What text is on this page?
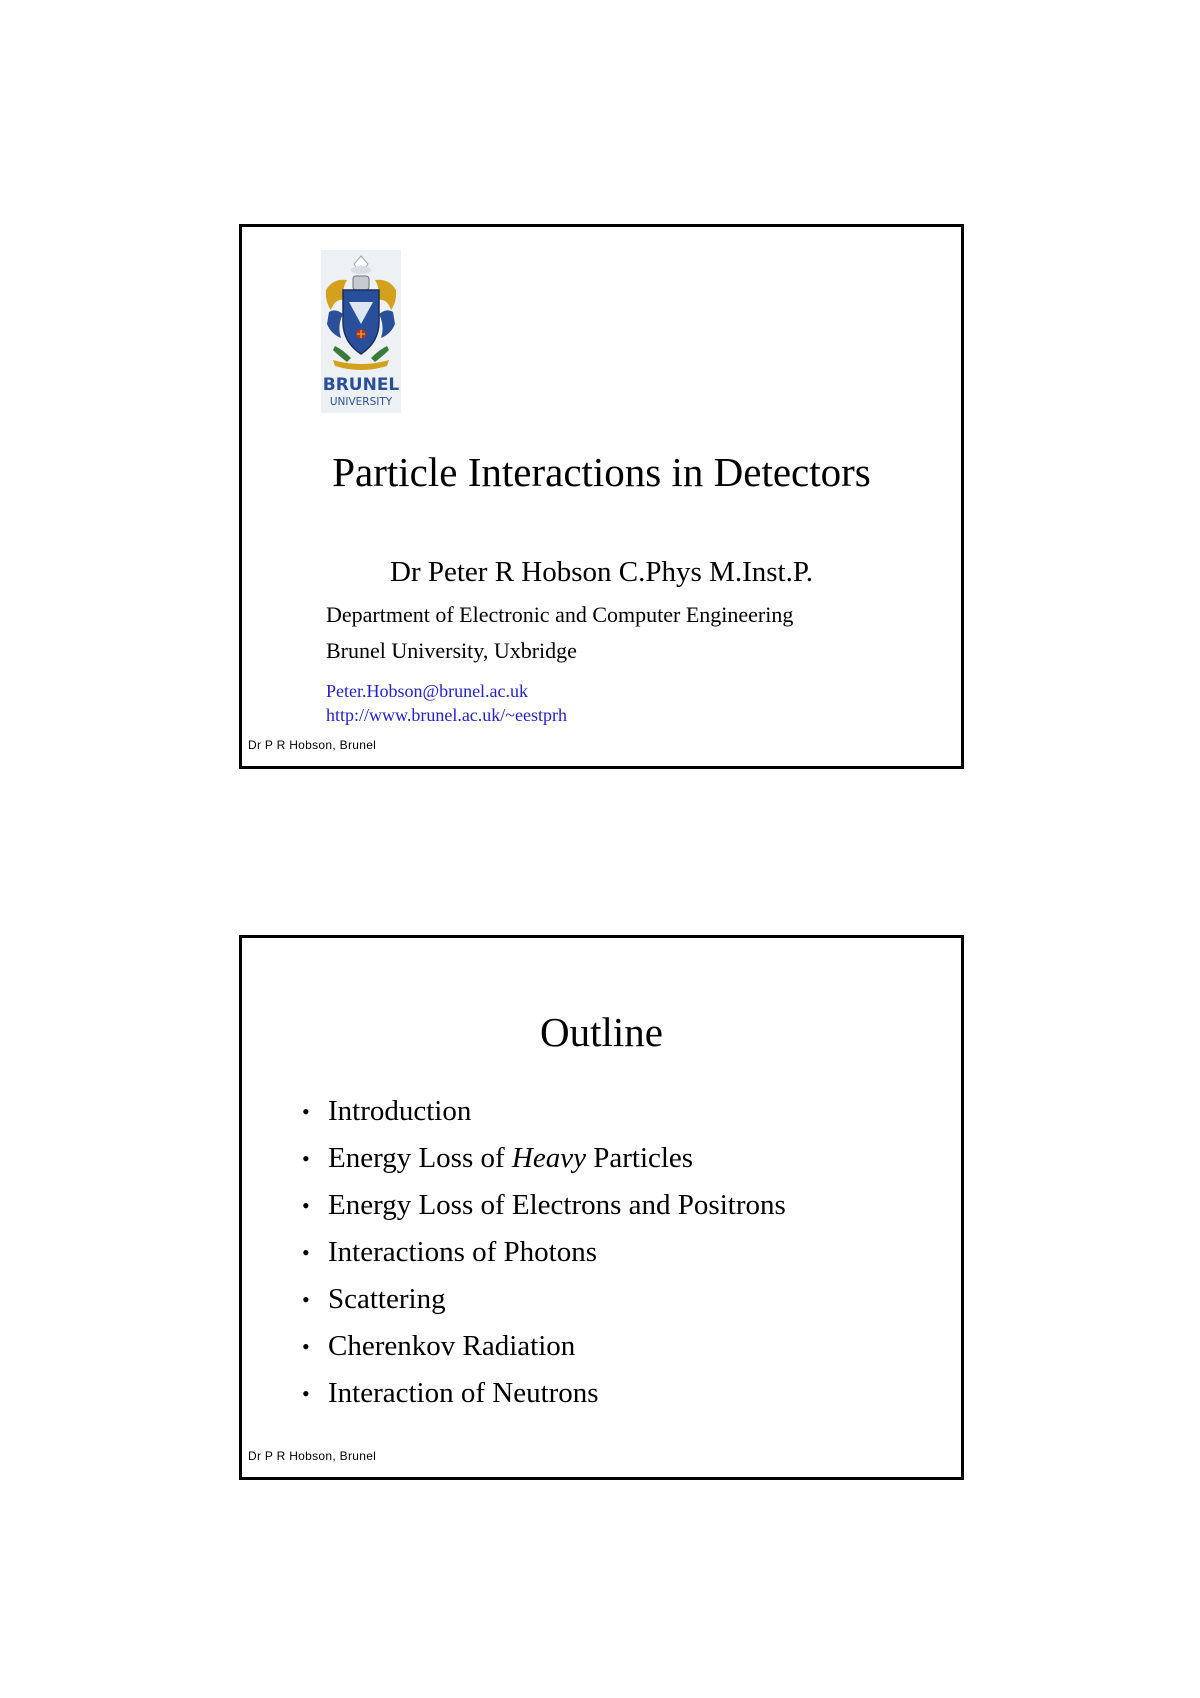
BRUNEL
UNIVERSITY
Particle Interactions in Detectors
Dr Peter R Hobson C.Phys M.Inst.P.
Department of Electronic and Computer Engineering
Brunel University, Uxbridge
Peter.Hobson@brunel.ac.uk
http://www.brunel.ac.uk/~eestprh
Dr P R Hobson, Brunel
Outline
• Introduction
• Energy Loss of Heavy Particles
• Energy Loss of Electrons and Positrons
• Interactions of Photons
• Scattering
• Cherenkov Radiation
• Interaction of Neutrons
Dr P R Hobson, Brunel
